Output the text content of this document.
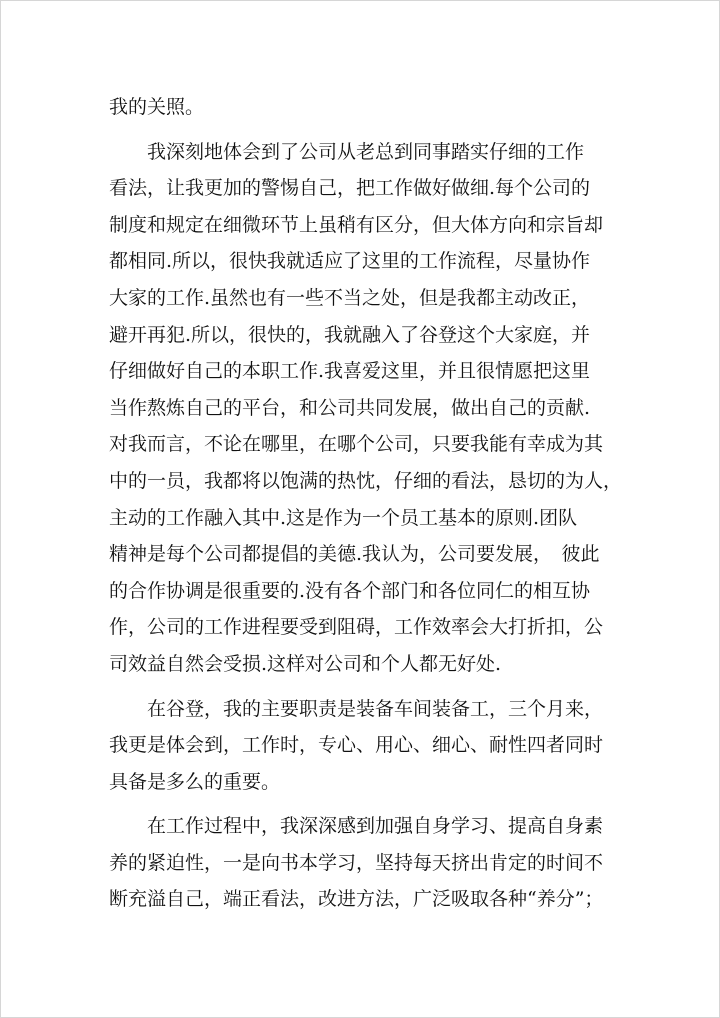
我的关照。
我深刻地体会到了公司从老总到同事踏实仔细的工作
看法，让我更加的警惕自己，把工作做好做细.每个公司的
制度和规定在细微环节上虽稍有区分，但大体方向和宗旨却
都相同.所以，很快我就适应了这里的工作流程，尽量协作
大家的工作.虽然也有一些不当之处，但是我都主动改正，
避开再犯.所以，很快的，我就融入了谷登这个大家庭，并
仔细做好自己的本职工作.我喜爱这里，并且很情愿把这里
当作熬炼自己的平台，和公司共同发展，做出自己的贡献.
对我而言，不论在哪里，在哪个公司，只要我能有幸成为其
中的一员，我都将以饱满的热忱，仔细的看法，恳切的为人，
主动的工作融入其中.这是作为一个员工基本的原则.团队
精神是每个公司都提倡的美德.我认为，公司要发展，　彼此
的合作协调是很重要的.没有各个部门和各位同仁的相互协
作，公司的工作进程要受到阻碍，工作效率会大打折扣，公
司效益自然会受损.这样对公司和个人都无好处.
在谷登，我的主要职责是装备车间装备工，三个月来，
我更是体会到，工作时，专心、用心、细心、耐性四者同时
具备是多么的重要。
在工作过程中，我深深感到加强自身学习、提高自身素
养的紧迫性，一是向书本学习，坚持每天挤出肯定的时间不
断充溢自己，端正看法，改进方法，广泛吸取各种“养分”；
